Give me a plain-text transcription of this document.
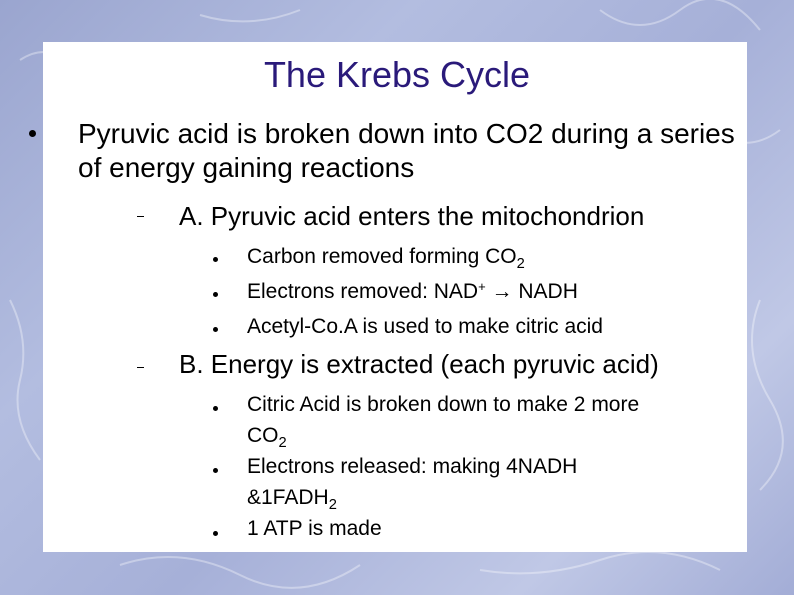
The Krebs Cycle
Pyruvic acid is broken down into CO2 during a series of energy gaining reactions
A. Pyruvic acid enters the mitochondrion
Carbon removed forming $CO_2$
Electrons removed: NAD+ → NADH
Acetyl-Co.A is used to make citric acid
B. Energy is extracted (each pyruvic acid)
Citric Acid is broken down to make 2 more
$CO_2$
Electrons released: making 4NADH
$\&1FADH_2$
1 ATP is made
